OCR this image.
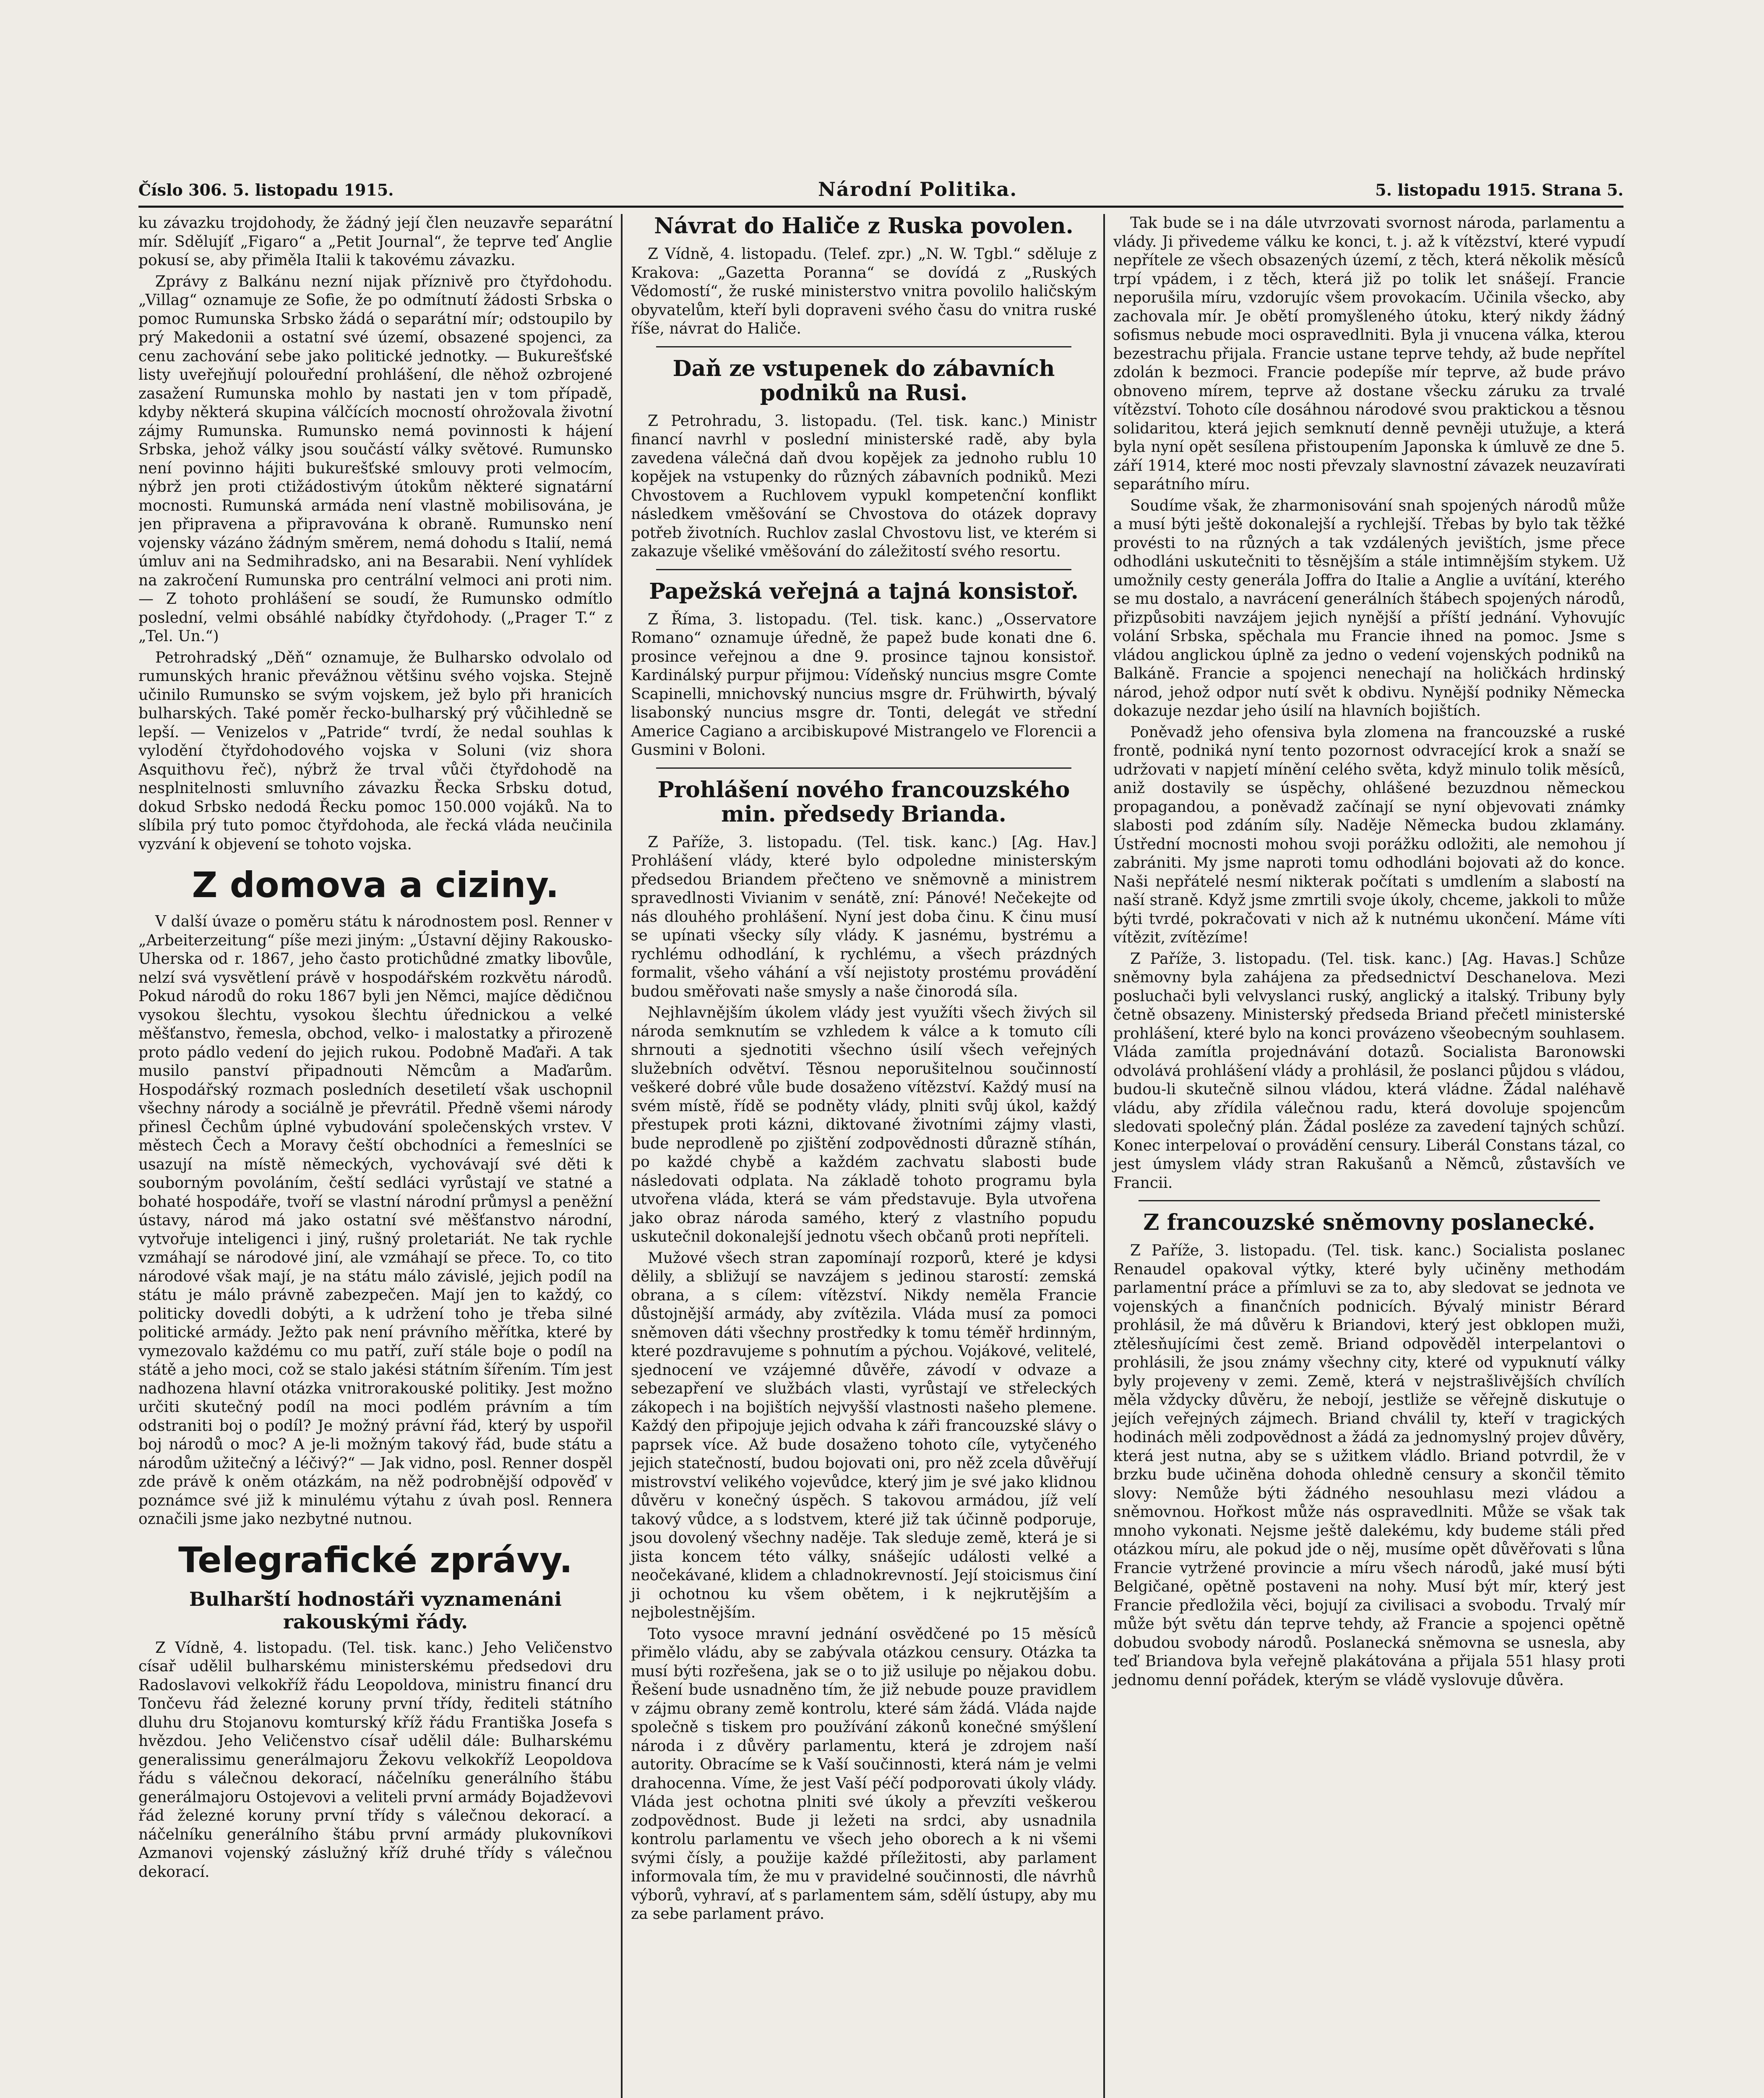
Číslo 306. 5. listopadu 1915.	Národní Politika.	5. listopadu 1915. Strana 5.

ku závazku trojdohody, že žádný její člen neuzavře separátní mír. Sdělujíť „Figaro“ a „Petit Journal“, že teprve teď Anglie pokusí se, aby přiměla Italii k takovému závazku.

Zprávy z Balkánu nezní nijak příznivě pro čtyřdohodu. „Villag“ oznamuje ze Sofie, že po odmítnutí žádosti Srbska o pomoc Rumunska Srbsko žádá o separátní mír; odstoupilo by prý Makedonii a ostatní své území, obsazené spojenci, za cenu zachování sebe jako politické jednotky. — Bukurešťské listy uveřejňují polouřední prohlášení, dle něhož ozbrojené zasažení Rumunska mohlo by nastati jen v tom případě, kdyby některá skupina válčících mocností ohrožovala životní zájmy Rumunska. Rumunsko nemá povinnosti k hájení Srbska, jehož války jsou součástí války světové. Rumunsko není povinno hájiti bukurešťské smlouvy proti velmocím, nýbrž jen proti ctižádostivým útokům některé signatární mocnosti. Rumunská armáda není vlastně mobilisována, je jen připravena a připravována k obraně. Rumunsko není vojensky vázáno žádným směrem, nemá dohodu s Italií, nemá úmluv ani na Sedmihradsko, ani na Besarabii. Není vyhlídek na zakročení Rumunska pro centrální velmoci ani proti nim. — Z tohoto prohlášení se soudí, že Rumunsko odmítlo poslední, velmi obsáhlé nabídky čtyřdohody. („Prager T.“ z „Tel. Un.“)

Petrohradský „Děň“ oznamuje, že Bulharsko odvolalo od rumunských hranic převážnou většinu svého vojska. Stejně učinilo Rumunsko se svým vojskem, jež bylo při hranicích bulharských. Také poměr řecko-bulharský prý vůčihledně se lepší. — Venizelos v „Patride“ tvrdí, že nedal souhlas k vylodění čtyřdohodového vojska v Soluni (viz shora Asquithovu řeč), nýbrž že trval vůči čtyřdohodě na nesplnitelnosti smluvního závazku Řecka Srbsku dotud, dokud Srbsko nedodá Řecku pomoc 150.000 vojáků. Na to slíbila prý tuto pomoc čtyřdohoda, ale řecká vláda neučinila vyzvání k objevení se tohoto vojska.

Z domova a ciziny.

V další úvaze o poměru státu k národnostem posl. Renner v „Arbeiterzeitung“ píše mezi jiným: „Ústavní dějiny Rakousko-Uherska od r. 1867, jeho často protichůdné zmatky libovůle, nelzí svá vysvětlení právě v hospodářském rozkvětu národů. Pokud národů do roku 1867 byli jen Němci, majíce dědičnou vysokou šlechtu, vysokou šlechtu úřednickou a velké měšťanstvo, řemesla, obchod, velko- i malostatky a přirozeně proto pádlo vedení do jejich rukou. Podobně Maďaři. A tak musilo panství připadnouti Němcům a Maďarům. Hospodářský rozmach posledních desetiletí však uschopnil všechny národy a sociálně je převrátil. Předně všemi národy přinesl Čechům úplné vybudování společenských vrstev. V městech Čech a Moravy čeští obchodníci a řemeslníci se usazují na místě německých, vychovávají své děti k souborným povoláním, čeští sedláci vyrůstají ve statné a bohaté hospodáře, tvoří se vlastní národní průmysl a peněžní ústavy, národ má jako ostatní své měšťanstvo národní, vytvořuje inteligenci i jiný, rušný proletariát. Ne tak rychle vzmáhají se národové jiní, ale vzmáhají se přece. To, co tito národové však mají, je na státu málo závislé, jejich podíl na státu je málo právně zabezpečen. Mají jen to každý, co politicky dovedli dobýti, a k udržení toho je třeba silné politické armády. Ježto pak není právního měřítka, které by vymezovalo každému co mu patří, zuří stále boje o podíl na státě a jeho moci, což se stalo jakési státním šířením. Tím jest nadhozena hlavní otázka vnitrorakouské politiky. Jest možno určiti skutečný podíl na moci podlém právním a tím odstraniti boj o podíl? Je možný právní řád, který by uspořil boj národů o moc? A je-li možným takový řád, bude státu a národům užitečný a léčivý?“ — Jak vidno, posl. Renner dospěl zde právě k oněm otázkám, na něž podrobnější odpověď v poznámce své již k minulému výtahu z úvah posl. Rennera označili jsme jako nezbytné nutnou.

Telegrafické zprávy.
Bulharští hodnostáři vyznamenáni rakouskými řády.

Z Vídně, 4. listopadu. (Tel. tisk. kanc.) Jeho Veličenstvo císař udělil bulharskému ministerskému předsedovi dru Radoslavovi velkokříž řádu Leopoldova, ministru financí dru Tončevu řád železné koruny první třídy, řediteli státního dluhu dru Stojanovu komturský kříž řádu Františka Josefa s hvězdou. Jeho Veličenstvo císař udělil dále: Bulharskému generalissimu generálmajoru Žekovu velkokříž Leopoldova řádu s válečnou dekorací, náčelníku generálního štábu generálmajoru Ostojevovi a veliteli první armády Bojadževovi řád železné koruny první třídy s válečnou dekorací. a náčelníku generálního štábu první armády plukovníkovi Azmanovi vojenský záslužný kříž druhé třídy s válečnou dekorací.

Návrat do Haliče z Ruska povolen.

Z Vídně, 4. listopadu. (Telef. zpr.) „N. W. Tgbl.“ sděluje z Krakova: „Gazetta Poranna“ se dovídá z „Ruských Vědomostí“, že ruské ministerstvo vnitra povolilo haličským obyvatelům, kteří byli dopraveni svého času do vnitra ruské říše, návrat do Haliče.

Daň ze vstupenek do zábavních podniků na Rusi.

Z Petrohradu, 3. listopadu. (Tel. tisk. kanc.) Ministr financí navrhl v poslední ministerské radě, aby byla zavedena válečná daň dvou kopějek za jednoho rublu 10 kopějek na vstupenky do různých zábavních podniků. Mezi Chvostovem a Ruchlovem vypukl kompetenční konflikt následkem vměšování se Chvostova do otázek dopravy potřeb životních. Ruchlov zaslal Chvostovu list, ve kterém si zakazuje všeliké vměšování do záležitostí svého resortu.

Papežská veřejná a tajná konsistoř.

Z Říma, 3. listopadu. (Tel. tisk. kanc.) „Osservatore Romano“ oznamuje úředně, že papež bude konati dne 6. prosince veřejnou a dne 9. prosince tajnou konsistoř. Kardinálský purpur přijmou: Vídeňský nuncius msgre Comte Scapinelli, mnichovský nuncius msgre dr. Frühwirth, bývalý lisabonský nuncius msgre dr. Tonti, delegát ve střední Americe Cagiano a arcibiskupové Mistrangelo ve Florencii a Gusmini v Boloni.

Prohlášení nového francouzského min. předsedy Brianda.

Z Paříže, 3. listopadu. (Tel. tisk. kanc.) [Ag. Hav.] Prohlášení vlády, které bylo odpoledne ministerským předsedou Briandem přečteno ve sněmovně a ministrem spravedlnosti Vivianim v senátě, zní: Pánové! Nečekejte od nás dlouhého prohlášení. Nyní jest doba činu. K činu musí se upínati všecky síly vlády. K jasnému, bystrému a rychlému odhodlání, k rychlému, a všech prázdných formalit, všeho váhání a vší nejistoty prostému provádění budou směřovati naše smysly a naše činorodá síla.

Nejhlavnějším úkolem vlády jest využíti všech živých sil národa semknutím se vzhledem k válce a k tomuto cíli shrnouti a sjednotiti všechno úsilí všech veřejných služebních odvětví. Těsnou neporušitelnou součinností veškeré dobré vůle bude dosaženo vítězství. Každý musí na svém místě, řídě se podněty vlády, plniti svůj úkol, každý přestupek proti kázni, diktované životními zájmy vlasti, bude neprodleně po zjištění zodpovědnosti důrazně stíhán, po každé chybě a každém zachvatu slabosti bude následovati odplata. Na základě tohoto programu byla utvořena vláda, která se vám představuje. Byla utvořena jako obraz národa samého, který z vlastního popudu uskutečnil dokonalejší jednotu všech občanů proti nepříteli.

Mužové všech stran zapomínají rozporů, které je kdysi dělily, a sbližují se navzájem s jedinou starostí: zemská obrana, a s cílem: vítězství. Nikdy neměla Francie důstojnější armády, aby zvítězila. Vláda musí za pomoci sněmoven dáti všechny prostředky k tomu téměř hrdinným, které pozdravujeme s pohnutím a pýchou. Vojákové, velitelé, sjednocení ve vzájemné důvěře, závodí v odvaze a sebezapření ve službách vlasti, vyrůstají ve střeleckých zákopech i na bojištích nejvyšší vlastnosti našeho plemene. Každý den připojuje jejich odvaha k záři francouzské slávy o paprsek více. Až bude dosaženo tohoto cíle, vytyčeného jejich statečností, budou bojovati oni, pro něž zcela důvěřují mistrovství velikého vojevůdce, který jim je své jako klidnou důvěru v konečný úspěch. S takovou armádou, jíž velí takový vůdce, a s lodstvem, které již tak účinně podporuje, jsou dovolený všechny naděje. Tak sleduje země, která je si jista koncem této války, snášejíc události velké a neočekávané, klidem a chladnokrevností. Její stoicismus činí ji ochotnou ku všem obětem, i k nejkrutějším a nejbolestnějším.

Toto vysoce mravní jednání osvědčené po 15 měsíců přimělo vládu, aby se zabývala otázkou censury. Otázka ta musí býti rozřešena, jak se o to již usiluje po nějakou dobu. Řešení bude usnadněno tím, že již nebude pouze pravidlem v zájmu obrany země kontrolu, které sám žádá. Vláda najde společně s tiskem pro používání zákonů konečné smýšlení národa i z důvěry parlamentu, která je zdrojem naší autority. Obracíme se k Vaší součinnosti, která nám je velmi drahocenna. Víme, že jest Vaší péčí podporovati úkoly vlády. Vláda jest ochotna plniti své úkoly a převzíti veškerou zodpovědnost. Bude ji ležeti na srdci, aby usnadnila kontrolu parlamentu ve všech jeho oborech a k ni všemi svými čísly, a použije každé příležitosti, aby parlament informovala tím, že mu v pravidelné součinnosti, dle návrhů výborů, vyhraví, ať s parlamentem sám, sdělí ústupy, aby mu za sebe parlament právo.

Tak bude se i na dále utvrzovati svornost národa, parlamentu a vlády. Ji přivedeme válku ke konci, t. j. až k vítězství, které vypudí nepřítele ze všech obsazených území, z těch, která několik měsíců trpí vpádem, i z těch, která již po tolik let snášejí. Francie neporušila míru, vzdorujíc všem provokacím. Učinila všecko, aby zachovala mír. Je obětí promyšleného útoku, který nikdy žádný sofismus nebude moci ospravedlniti. Byla ji vnucena válka, kterou bezestrachu přijala. Francie ustane teprve tehdy, až bude nepřítel zdolán k bezmoci. Francie podepíše mír teprve, až bude právo obnoveno mírem, teprve až dostane všecku záruku za trvalé vítězství. Tohoto cíle dosáhnou národové svou praktickou a těsnou solidaritou, která jejich semknutí denně pevněji utužuje, a která byla nyní opět sesílena přistoupením Japonska k úmluvě ze dne 5. září 1914, které moc nosti převzaly slavnostní závazek neuzavírati separátního míru.

Soudíme však, že zharmonisování snah spojených národů může a musí býti ještě dokonalejší a rychlejší. Třebas by bylo tak těžké provésti to na různých a tak vzdálených jevištích, jsme přece odhodláni uskutečniti to těsnějším a stále intimnějším stykem. Už umožnily cesty generála Joffra do Italie a Anglie a uvítání, kterého se mu dostalo, a navrácení generálních štábech spojených národů, přizpůsobiti navzájem jejich nynější a příští jednání. Vyhovujíc volání Srbska, spěchala mu Francie ihned na pomoc. Jsme s vládou anglickou úplně za jedno o vedení vojenských podniků na Balkáně. Francie a spojenci nenechají na holičkách hrdinský národ, jehož odpor nutí svět k obdivu. Nynější podniky Německa dokazuje nezdar jeho úsilí na hlavních bojištích.

Poněvadž jeho ofensiva byla zlomena na francouzské a ruské frontě, podniká nyní tento pozornost odvracející krok a snaží se udržovati v napjetí mínění celého světa, když minulo tolik měsíců, aniž dostavily se úspěchy, ohlášené bezuzdnou německou propagandou, a poněvadž začínají se nyní objevovati známky slabosti pod zdáním síly. Naděje Německa budou zklamány. Ústřední mocnosti mohou svoji porážku odložiti, ale nemohou jí zabrániti. My jsme naproti tomu odhodláni bojovati až do konce. Naši nepřátelé nesmí nikterak počítati s umdlením a slabostí na naší straně. Když jsme zmrtili svoje úkoly, chceme, jakkoli to může býti tvrdé, pokračovati v nich až k nutnému ukončení. Máme víti vítězit, zvítězíme!

Z Paříže, 3. listopadu. (Tel. tisk. kanc.) [Ag. Havas.] Schůze sněmovny byla zahájena za předsednictví Deschanelova. Mezi posluchači byli velvyslanci ruský, anglický a italský. Tribuny byly četně obsazeny. Ministerský předseda Briand přečetl ministerské prohlášení, které bylo na konci provázeno všeobecným souhlasem. Vláda zamítla projednávání dotazů. Socialista Baronowski odvolává prohlášení vlády a prohlásil, že poslanci půjdou s vládou, budou-li skutečně silnou vládou, která vládne. Žádal naléhavě vládu, aby zřídila válečnou radu, která dovoluje spojencům sledovati společný plán. Žádal posléze za zavedení tajných schůzí. Konec interpelovaí o provádění censury. Liberál Constans tázal, co jest úmyslem vlády stran Rakušanů a Němců, zůstavších ve Francii.

Z francouzské sněmovny poslanecké.

Z Paříže, 3. listopadu. (Tel. tisk. kanc.) Socialista poslanec Renaudel opakoval výtky, které byly učiněny methodám parlamentní práce a přímluvi se za to, aby sledovat se jednota ve vojenských a finančních podnicích. Bývalý ministr Bérard prohlásil, že má důvěru k Briandovi, který jest obklopen muži, ztělesňujícími čest země. Briand odpověděl interpelantovi o prohlásili, že jsou známy všechny city, které od vypuknutí války byly projeveny v zemi. Země, která v nejstrašlivějších chvílích měla vždycky důvěru, že nebojí, jestliže se věřejně diskutuje o jejích veřejných zájmech. Briand chválil ty, kteří v tragických hodinách měli zodpovědnost a žádá za jednomyslný projev důvěry, která jest nutna, aby se s užitkem vládlo. Briand potvrdil, že v brzku bude učiněna dohoda ohledně censury a skončil těmito slovy: Nemůže býti žádného nesouhlasu mezi vládou a sněmovnou. Hořkost může nás ospravedlniti. Může se však tak mnoho vykonati. Nejsme ještě dalekému, kdy budeme stáli před otázkou míru, ale pokud jde o něj, musíme opět důvěřovati s lůna Francie vytržené provincie a míru všech národů, jaké musí býti Belgičané, opětně postaveni na nohy. Musí být mír, který jest Francie předložila věci, bojují za civilisaci a svobodu. Trvalý mír může být světu dán teprve tehdy, až Francie a spojenci opětně dobudou svobody národů. Poslanecká sněmovna se usnesla, aby teď Briandova byla veřejně plakátována a přijala 551 hlasy proti jednomu denní pořádek, kterým se vládě vyslovuje důvěra.
